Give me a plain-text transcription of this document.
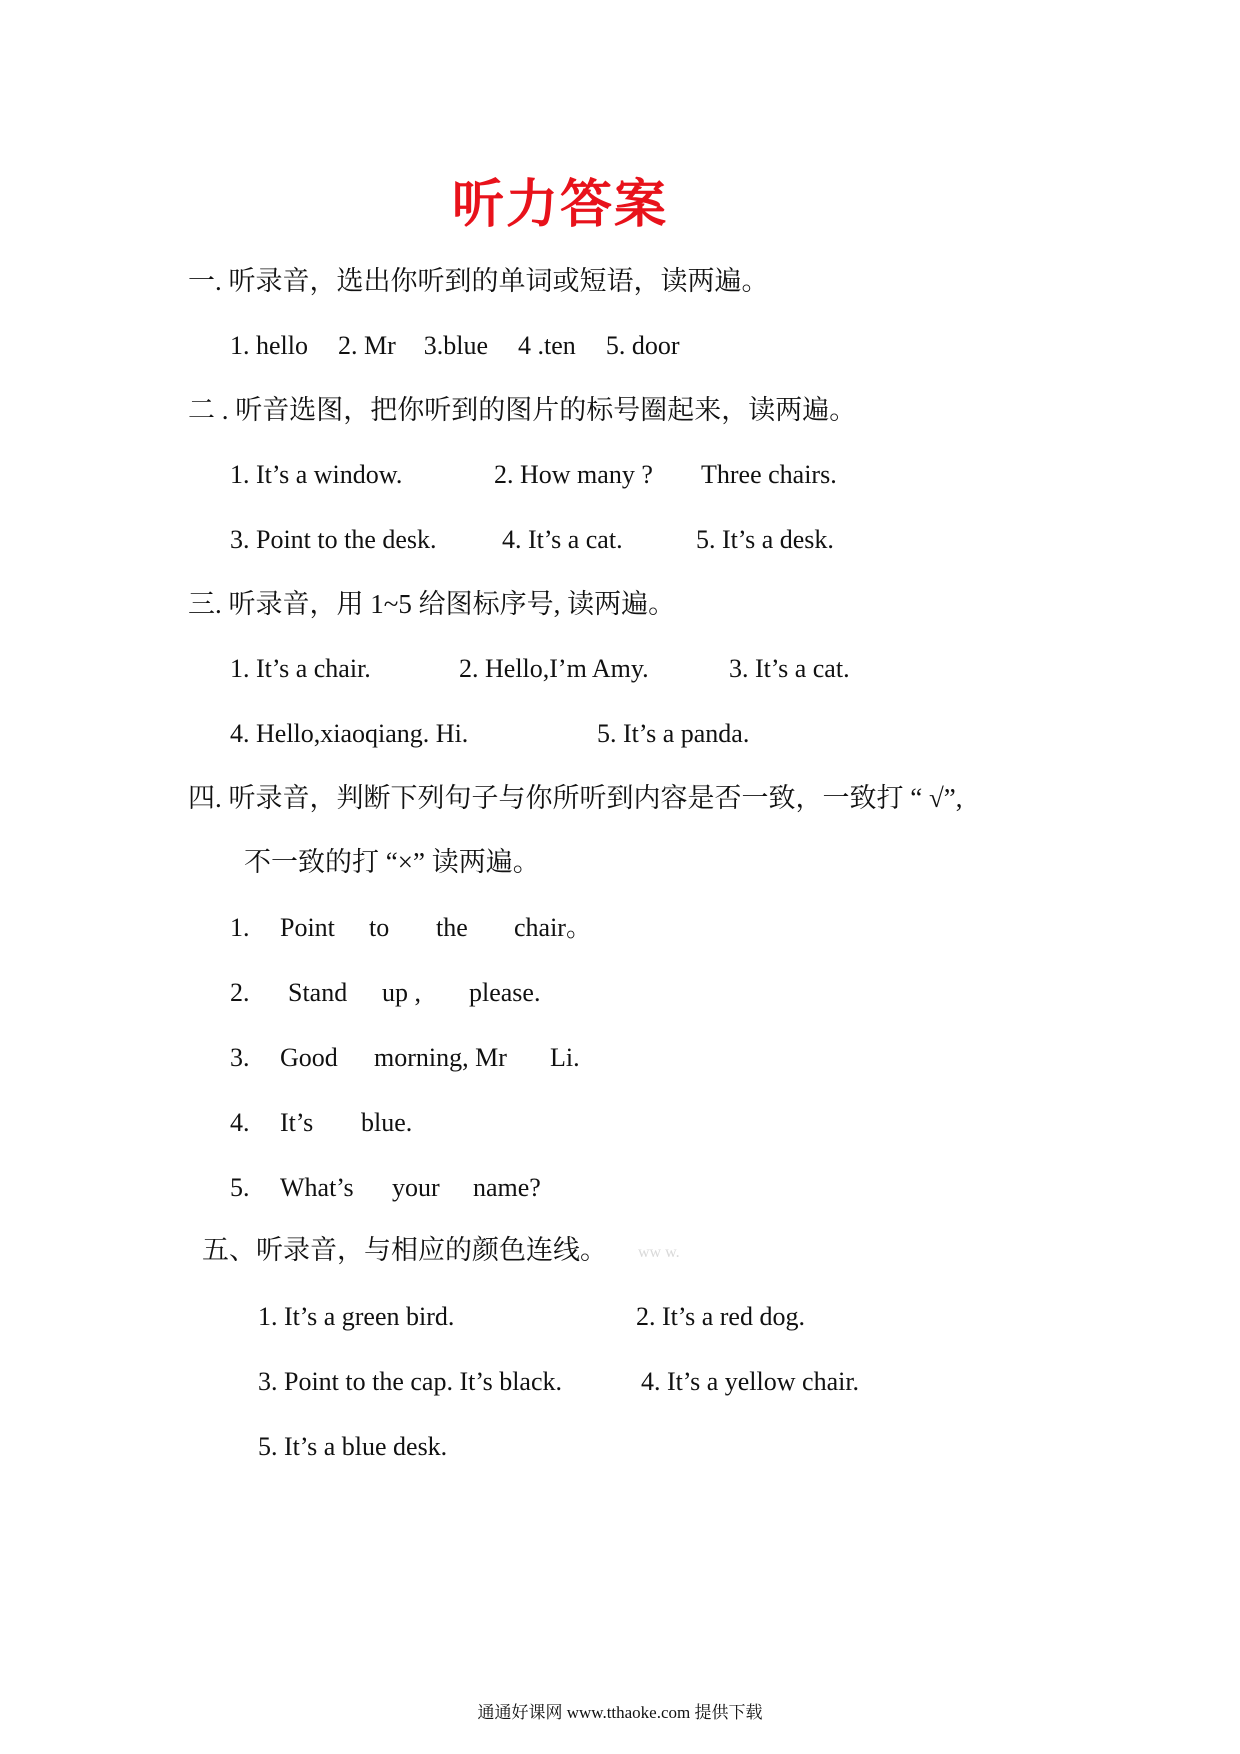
听力答案
一. 听录音，选出你听到的单词或短语，读两遍。
1. hello 2. Mr 3.blue 4 .ten 5. door
二 . 听音选图，把你听到的图片的标号圈起来，读两遍。
1. It’s a window.	2. How many ? Three chairs.
3. Point to the desk.	4. It’s a cat.	5. It’s a desk.
三. 听录音，用 1~5 给图标序号, 读两遍。
1. It’s a chair.	2. Hello,I’m Amy.	3. It’s a cat.
4. Hello,xiaoqiang. Hi.	5. It’s a panda.
四. 听录音，判断下列句子与你所听到内容是否一致，一致打 “ √”,
不一致的打 “×” 读两遍。
1. Point to the chair。
2. Stand up , please.
3. Good morning, Mr Li.
4. It’s blue.
5. What’s your name?
五、听录音，与相应的颜色连线。 ww w.
1. It’s a green bird.	2. It’s a red dog.
3. Point to the cap. It’s black.	4. It’s a yellow chair.
5. It’s a blue desk.
通通好课网 www.tthaoke.com 提供下载
